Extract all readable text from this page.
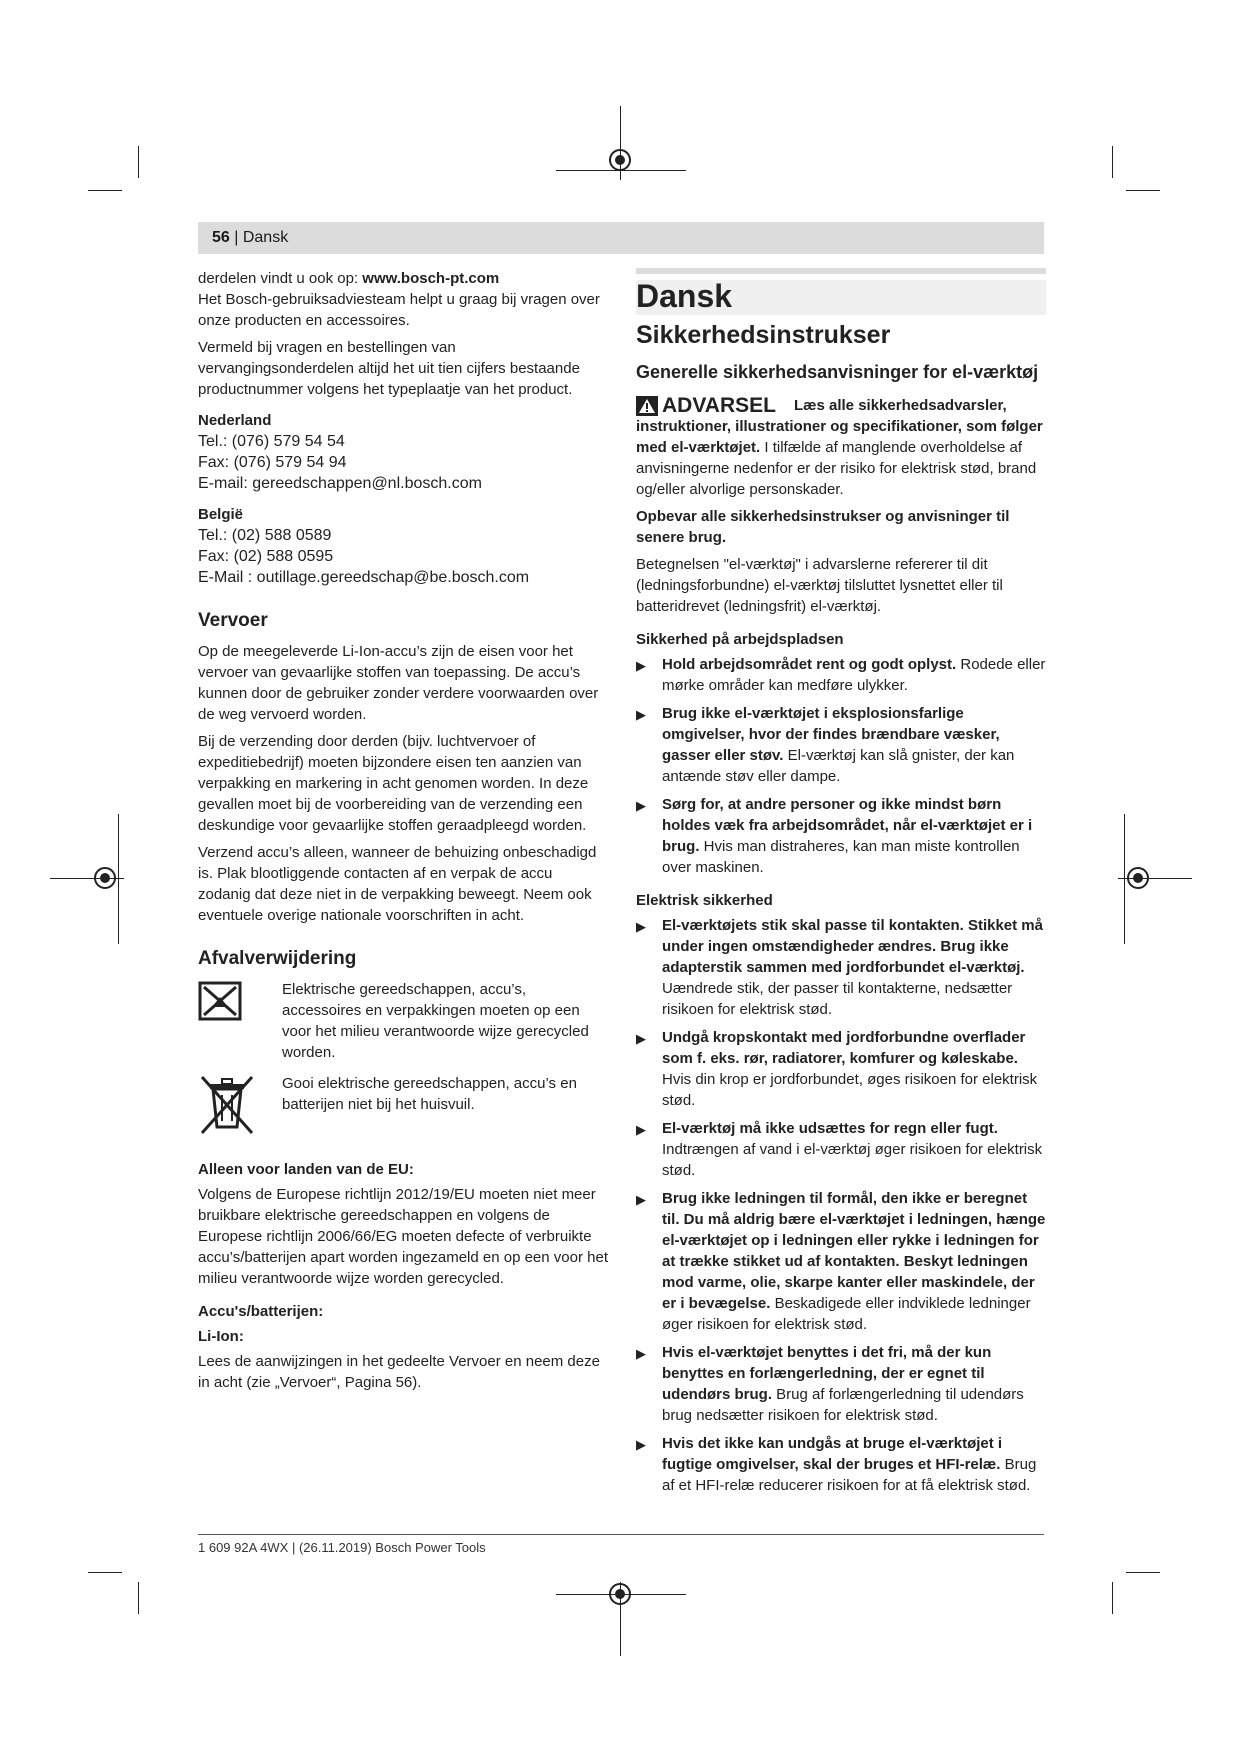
56 | Dansk

derdelen vindt u ook op: www.bosch-pt.com
Het Bosch-gebruiksadviesteam helpt u graag bij vragen over onze producten en accessoires.

Vermeld bij vragen en bestellingen van vervangingsonderdelen altijd het uit tien cijfers bestaande productnummer volgens het typeplaatje van het product.

Nederland

Tel.: (076) 579 54 54
Fax: (076) 579 54 94
E-mail: gereedschappen@nl.bosch.com

België

Tel.: (02) 588 0589
Fax: (02) 588 0595
E-Mail : outillage.gereedschap@be.bosch.com
Vervoer

Op de meegeleverde Li-Ion-accu’s zijn de eisen voor het vervoer van gevaarlijke stoffen van toepassing. De accu’s kunnen door de gebruiker zonder verdere voorwaarden over de weg vervoerd worden.

Bij de verzending door derden (bijv. luchtvervoer of expeditiebedrijf) moeten bijzondere eisen ten aanzien van verpakking en markering in acht genomen worden. In deze gevallen moet bij de voorbereiding van de verzending een deskundige voor gevaarlijke stoffen geraadpleegd worden.

Verzend accu’s alleen, wanneer de behuizing onbeschadigd is. Plak blootliggende contacten af en verpak de accu zodanig dat deze niet in de verpakking beweegt. Neem ook eventuele overige nationale voorschriften in acht.

Afvalverwijdering

Elektrische gereedschappen, accu’s, accessoires en verpakkingen moeten op een voor het milieu verantwoorde wijze gerecycled worden.

Gooi elektrische gereedschappen, accu’s en batterijen niet bij het huisvuil.

Alleen voor landen van de EU:

Volgens de Europese richtlijn 2012/19/EU moeten niet meer bruikbare elektrische gereedschappen en volgens de Europese richtlijn 2006/66/EG moeten defecte of verbruikte accu’s/batterijen apart worden ingezameld en op een voor het milieu verantwoorde wijze worden gerecycled.

Accu's/batterijen:

Li-Ion:

Lees de aanwijzingen in het gedeelte Vervoer en neem deze in acht (zie „Vervoer“, Pagina 56).

Dansk
Sikkerhedsinstrukser
Generelle sikkerhedsanvisninger for el-værktøj
ADVARSEL	Læs alle sikkerhedsadvarsler, instruktioner, illustrationer og specifikationer, som følger med el-værktøjet. I tilfælde af manglende overholdelse af anvisningerne nedenfor er der risiko for elektrisk stød, brand og/eller alvorlige personskader.

Opbevar alle sikkerhedsinstrukser og anvisninger til senere brug.

Betegnelsen "el-værktøj" i advarslerne refererer til dit (ledningsforbundne) el-værktøj tilsluttet lysnettet eller til batteridrevet (ledningsfrit) el-værktøj.

Sikkerhed på arbejdspladsen

▶	Hold arbejdsområdet rent og godt oplyst. Rodede eller mørke områder kan medføre ulykker.
▶	Brug ikke el-værktøjet i eksplosionsfarlige omgivelser, hvor der findes brændbare væsker, gasser eller støv. El-værktøj kan slå gnister, der kan antænde støv eller dampe.
▶	Sørg for, at andre personer og ikke mindst børn holdes væk fra arbejdsområdet, når el-værktøjet er i brug. Hvis man distraheres, kan man miste kontrollen over maskinen.

Elektrisk sikkerhed

▶	El-værktøjets stik skal passe til kontakten. Stikket må under ingen omstændigheder ændres. Brug ikke adapterstik sammen med jordforbundet el-værktøj. Uændrede stik, der passer til kontakterne, nedsætter risikoen for elektrisk stød.
▶	Undgå kropskontakt med jordforbundne overflader som f. eks. rør, radiatorer, komfurer og køleskabe. Hvis din krop er jordforbundet, øges risikoen for elektrisk stød.
▶	El-værktøj må ikke udsættes for regn eller fugt. Indtrængen af vand i el-værktøj øger risikoen for elektrisk stød.
▶	Brug ikke ledningen til formål, den ikke er beregnet til. Du må aldrig bære el-værktøjet i ledningen, hænge el-værktøjet op i ledningen eller rykke i ledningen for at trække stikket ud af kontakten. Beskyt ledningen mod varme, olie, skarpe kanter eller maskindele, der er i bevægelse. Beskadigede eller indviklede ledninger øger risikoen for elektrisk stød.
▶	Hvis el-værktøjet benyttes i det fri, må der kun benyttes en forlængerledning, der er egnet til udendørs brug. Brug af forlængerledning til udendørs brug nedsætter risikoen for elektrisk stød.
▶	Hvis det ikke kan undgås at bruge el-værktøjet i fugtige omgivelser, skal der bruges et HFI-relæ. Brug af et HFI-relæ reducerer risikoen for at få elektrisk stød.
1 609 92A 4WX | (26.11.2019) Bosch Power Tools
